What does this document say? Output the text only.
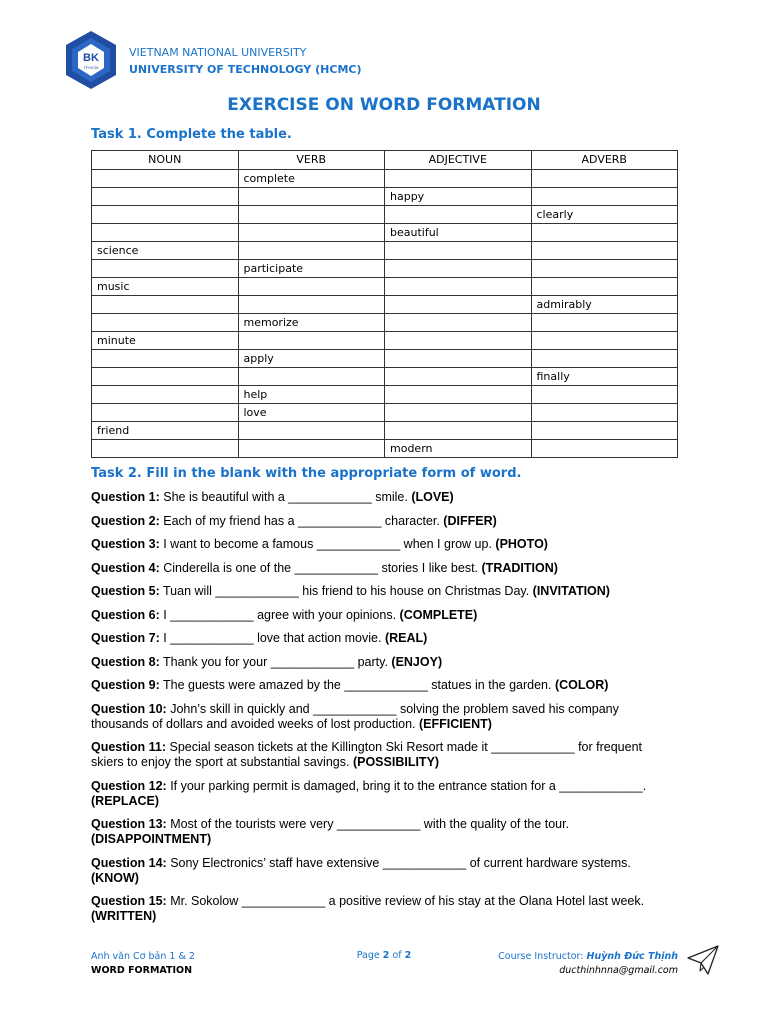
BK
TP.HCM
VIETNAM NATIONAL UNIVERSITY
UNIVERSITY OF TECHNOLOGY (HCMC)
EXERCISE ON WORD FORMATION
Task 1. Complete the table.
NOUN	VERB	ADJECTIVE	ADVERB
	complete		
		happy	
			clearly
		beautiful	
science			
	participate		
music			
			admirably
	memorize		
minute			
	apply		
			finally
	help		
	love		
friend			
		modern	
Task 2. Fill in the blank with the appropriate form of word.
Question 1: She is beautiful with a ____________ smile. (LOVE)
Question 2: Each of my friend has a ____________ character. (DIFFER)
Question 3: I want to become a famous ____________ when I grow up. (PHOTO)
Question 4: Cinderella is one of the ____________ stories I like best. (TRADITION)
Question 5: Tuan will ____________ his friend to his house on Christmas Day. (INVITATION)
Question 6: I ____________ agree with your opinions. (COMPLETE)
Question 7: I ____________ love that action movie. (REAL)
Question 8: Thank you for your ____________ party. (ENJOY)
Question 9: The guests were amazed by the ____________ statues in the garden. (COLOR)
Question 10: John’s skill in quickly and ____________ solving the problem saved his company thousands of dollars and avoided weeks of lost production. (EFFICIENT)
Question 11: Special season tickets at the Killington Ski Resort made it ____________ for frequent skiers to enjoy the sport at substantial savings. (POSSIBILITY)
Question 12: If your parking permit is damaged, bring it to the entrance station for a ____________. (REPLACE)
Question 13: Most of the tourists were very ____________ with the quality of the tour. (DISAPPOINTMENT)
Question 14: Sony Electronics’ staff have extensive ____________ of current hardware systems. (KNOW)
Question 15: Mr. Sokolow ____________ a positive review of his stay at the Olana Hotel last week. (WRITTEN)
Anh văn Cơ bản 1 & 2
WORD FORMATION
Page 2 of 2	Course Instructor: Huỳnh Đức Thịnh
ducthinhnna@gmail.com
